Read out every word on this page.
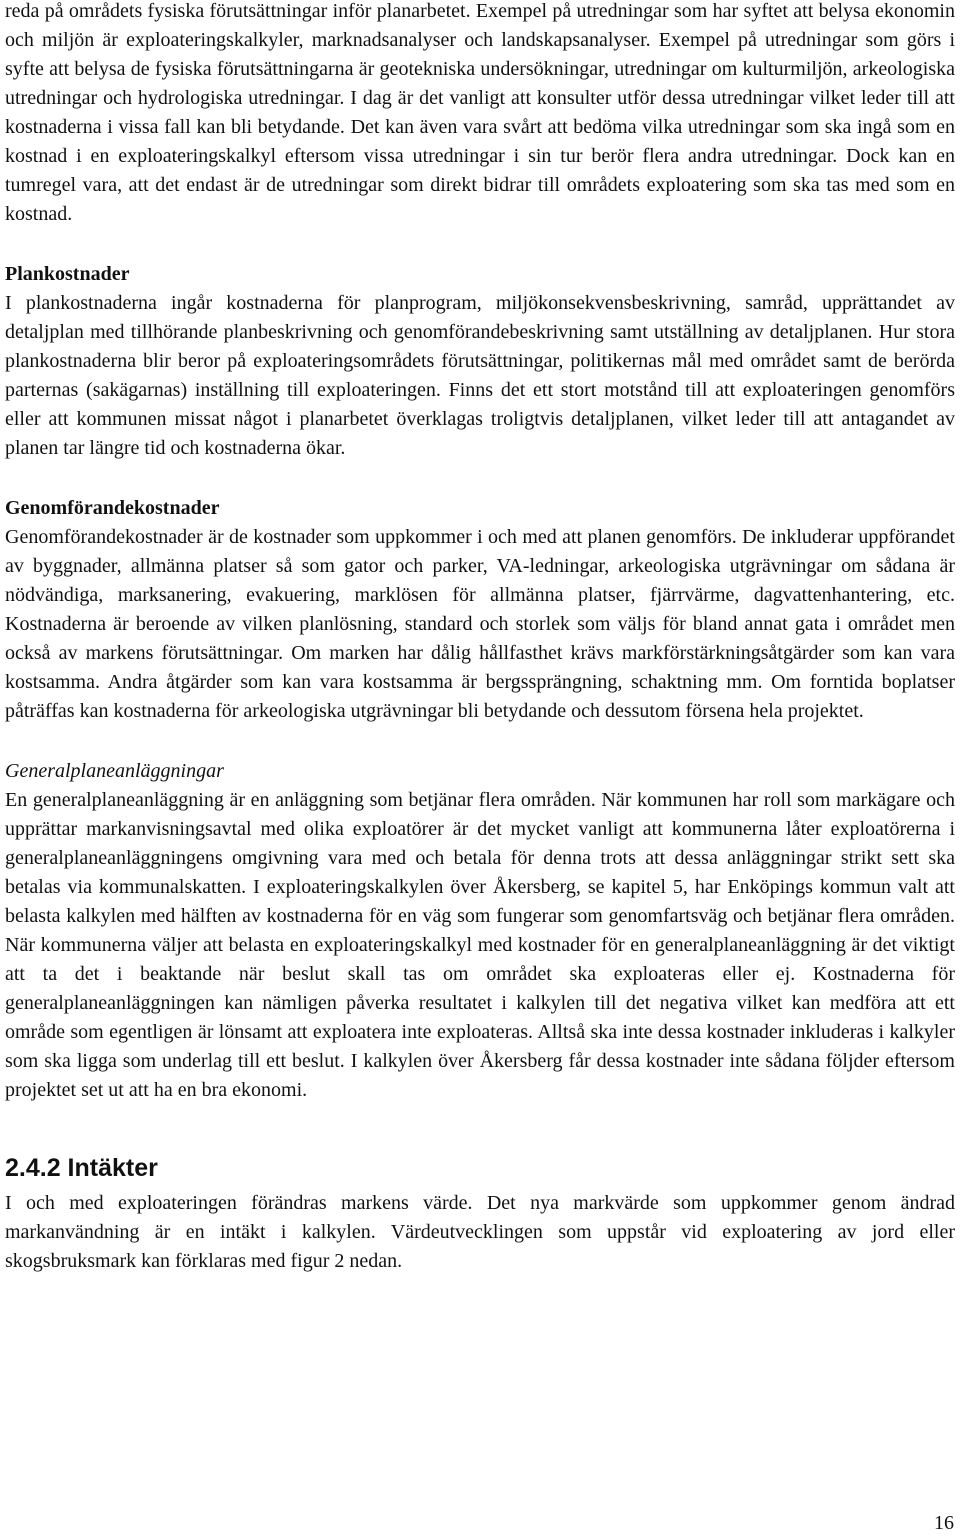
reda på områdets fysiska förutsättningar inför planarbetet. Exempel på utredningar som har syftet att belysa ekonomin och miljön är exploateringskalkyler, marknadsanalyser och landskapsanalyser. Exempel på utredningar som görs i syfte att belysa de fysiska förutsättningarna är geotekniska undersökningar, utredningar om kulturmiljön, arkeologiska utredningar och hydrologiska utredningar. I dag är det vanligt att konsulter utför dessa utredningar vilket leder till att kostnaderna i vissa fall kan bli betydande. Det kan även vara svårt att bedöma vilka utredningar som ska ingå som en kostnad i en exploateringskalkyl eftersom vissa utredningar i sin tur berör flera andra utredningar. Dock kan en tumregel vara, att det endast är de utredningar som direkt bidrar till områdets exploatering som ska tas med som en kostnad.

Plankostnader

I plankostnaderna ingår kostnaderna för planprogram, miljökonsekvensbeskrivning, samråd, upprättandet av detaljplan med tillhörande planbeskrivning och genomförandebeskrivning samt utställning av detaljplanen. Hur stora plankostnaderna blir beror på exploateringsområdets förutsättningar, politikernas mål med området samt de berörda parternas (sakägarnas) inställning till exploateringen. Finns det ett stort motstånd till att exploateringen genomförs eller att kommunen missat något i planarbetet överklagas troligtvis detaljplanen, vilket leder till att antagandet av planen tar längre tid och kostnaderna ökar.

Genomförandekostnader

Genomförandekostnader är de kostnader som uppkommer i och med att planen genomförs. De inkluderar uppförandet av byggnader, allmänna platser så som gator och parker, VA-ledningar, arkeologiska utgrävningar om sådana är nödvändiga, marksanering, evakuering, marklösen för allmänna platser, fjärrvärme, dagvattenhantering, etc. Kostnaderna är beroende av vilken planlösning, standard och storlek som väljs för bland annat gata i området men också av markens förutsättningar. Om marken har dålig hållfasthet krävs markförstärkningsåtgärder som kan vara kostsamma. Andra åtgärder som kan vara kostsamma är bergssprängning, schaktning mm. Om forntida boplatser påträffas kan kostnaderna för arkeologiska utgrävningar bli betydande och dessutom försena hela projektet.

Generalplaneanläggningar

En generalplaneanläggning är en anläggning som betjänar flera områden. När kommunen har roll som markägare och upprättar markanvisningsavtal med olika exploatörer är det mycket vanligt att kommunerna låter exploatörerna i generalplaneanläggningens omgivning vara med och betala för denna trots att dessa anläggningar strikt sett ska betalas via kommunalskatten. I exploateringskalkylen över Åkersberg, se kapitel 5, har Enköpings kommun valt att belasta kalkylen med hälften av kostnaderna för en väg som fungerar som genomfartsväg och betjänar flera områden. När kommunerna väljer att belasta en exploateringskalkyl med kostnader för en generalplaneanläggning är det viktigt att ta det i beaktande när beslut skall tas om området ska exploateras eller ej. Kostnaderna för generalplaneanläggningen kan nämligen påverka resultatet i kalkylen till det negativa vilket kan medföra att ett område som egentligen är lönsamt att exploatera inte exploateras. Alltså ska inte dessa kostnader inkluderas i kalkyler som ska ligga som underlag till ett beslut. I kalkylen över Åkersberg får dessa kostnader inte sådana följder eftersom projektet set ut att ha en bra ekonomi.

2.4.2 Intäkter

I och med exploateringen förändras markens värde. Det nya markvärde som uppkommer genom ändrad markanvändning är en intäkt i kalkylen. Värdeutvecklingen som uppstår vid exploatering av jord eller skogsbruksmark kan förklaras med figur 2 nedan.

16
